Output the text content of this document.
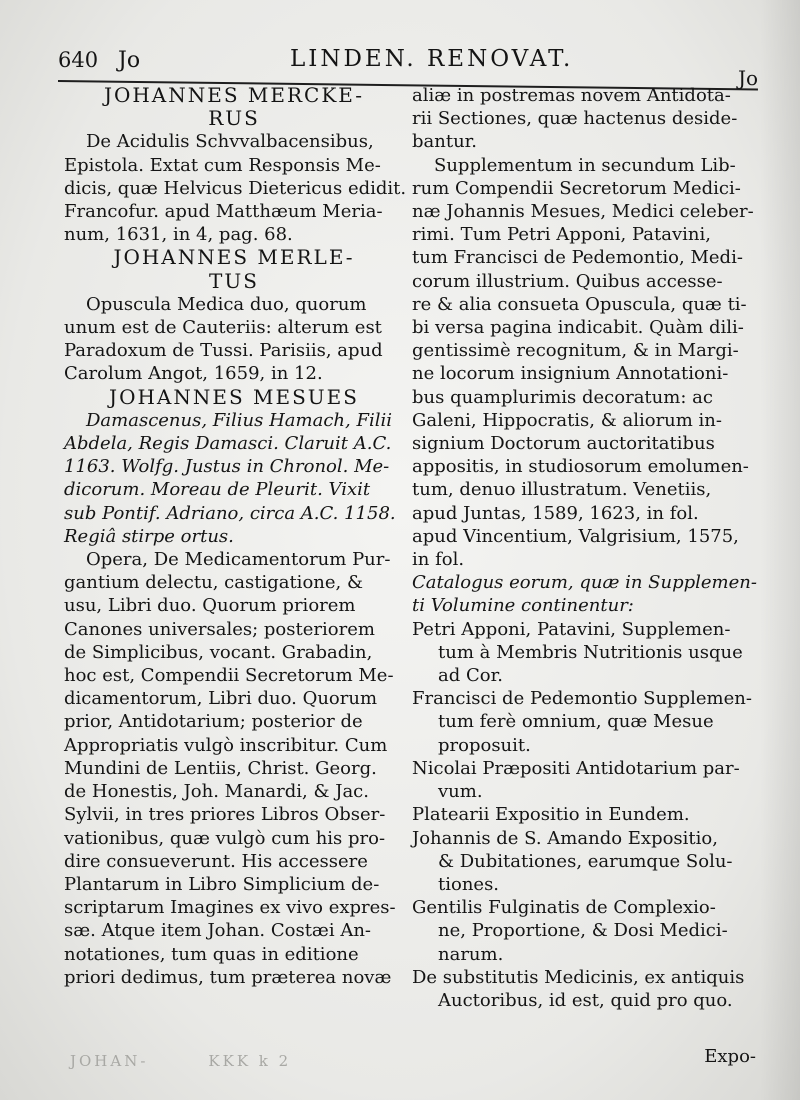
640 Jo	LINDEN. RENOVAT.
Jo
JOHANNES MERCKE-
RUS
De Acidulis Schvvalbacensibus,
Epistola. Extat cum Responsis Me-
dicis, quæ Helvicus Dietericus edidit.
Francofur. apud Matthæum Meria-
num, 1631, in 4, pag. 68.
JOHANNES MERLE-
TUS
Opuscula Medica duo, quorum
unum est de Cauteriis: alterum est
Paradoxum de Tussi. Parisiis, apud
Carolum Angot, 1659, in 12.
JOHANNES MESUES
Damascenus, Filius Hamach, Filii
Abdela, Regis Damasci. Claruit A.C.
1163. Wolfg. Justus in Chronol. Me-
dicorum. Moreau de Pleurit. Vixit
sub Pontif. Adriano, circa A.C. 1158.
Regiâ stirpe ortus.
Opera, De Medicamentorum Pur-
gantium delectu, castigatione, &
usu, Libri duo. Quorum priorem
Canones universales; posteriorem
de Simplicibus, vocant. Grabadin,
hoc est, Compendii Secretorum Me-
dicamentorum, Libri duo. Quorum
prior, Antidotarium; posterior de
Appropriatis vulgò inscribitur. Cum
Mundini de Lentiis, Christ. Georg.
de Honestis, Joh. Manardi, & Jac.
Sylvii, in tres priores Libros Obser-
vationibus, quæ vulgò cum his pro-
dire consueverunt. His accessere
Plantarum in Libro Simplicium de-
scriptarum Imagines ex vivo expres-
sæ. Atque item Johan. Costæi An-
notationes, tum quas in editione
priori dedimus, tum præterea novæ
aliæ in postremas novem Antidota-
rii Sectiones, quæ hactenus deside-
bantur.
Supplementum in secundum Lib-
rum Compendii Secretorum Medici-
næ Johannis Mesues, Medici celeber-
rimi. Tum Petri Apponi, Patavini,
tum Francisci de Pedemontio, Medi-
corum illustrium. Quibus accesse-
re & alia consueta Opuscula, quæ ti-
bi versa pagina indicabit. Quàm dili-
gentissimè recognitum, & in Margi-
ne locorum insignium Annotationi-
bus quamplurimis decoratum: ac
Galeni, Hippocratis, & aliorum in-
signium Doctorum auctoritatibus
appositis, in studiosorum emolumen-
tum, denuo illustratum. Venetiis,
apud Juntas, 1589, 1623, in fol.
apud Vincentium, Valgrisium, 1575,
in fol.
Catalogus eorum, quæ in Supplemen-
ti Volumine continentur:
Petri Apponi, Patavini, Supplemen-
tum à Membris Nutritionis usque
ad Cor.
Francisci de Pedemontio Supplemen-
tum ferè omnium, quæ Mesue
proposuit.
Nicolai Præpositi Antidotarium par-
vum.
Platearii Expositio in Eundem.
Johannis de S. Amando Expositio,
& Dubitationes, earumque Solu-
tiones.
Gentilis Fulginatis de Complexio-
ne, Proportione, & Dosi Medici-
narum.
De substitutis Medicinis, ex antiquis
Auctoribus, id est, quid pro quo.
Expo-
JOHAN-	KKK k 2
